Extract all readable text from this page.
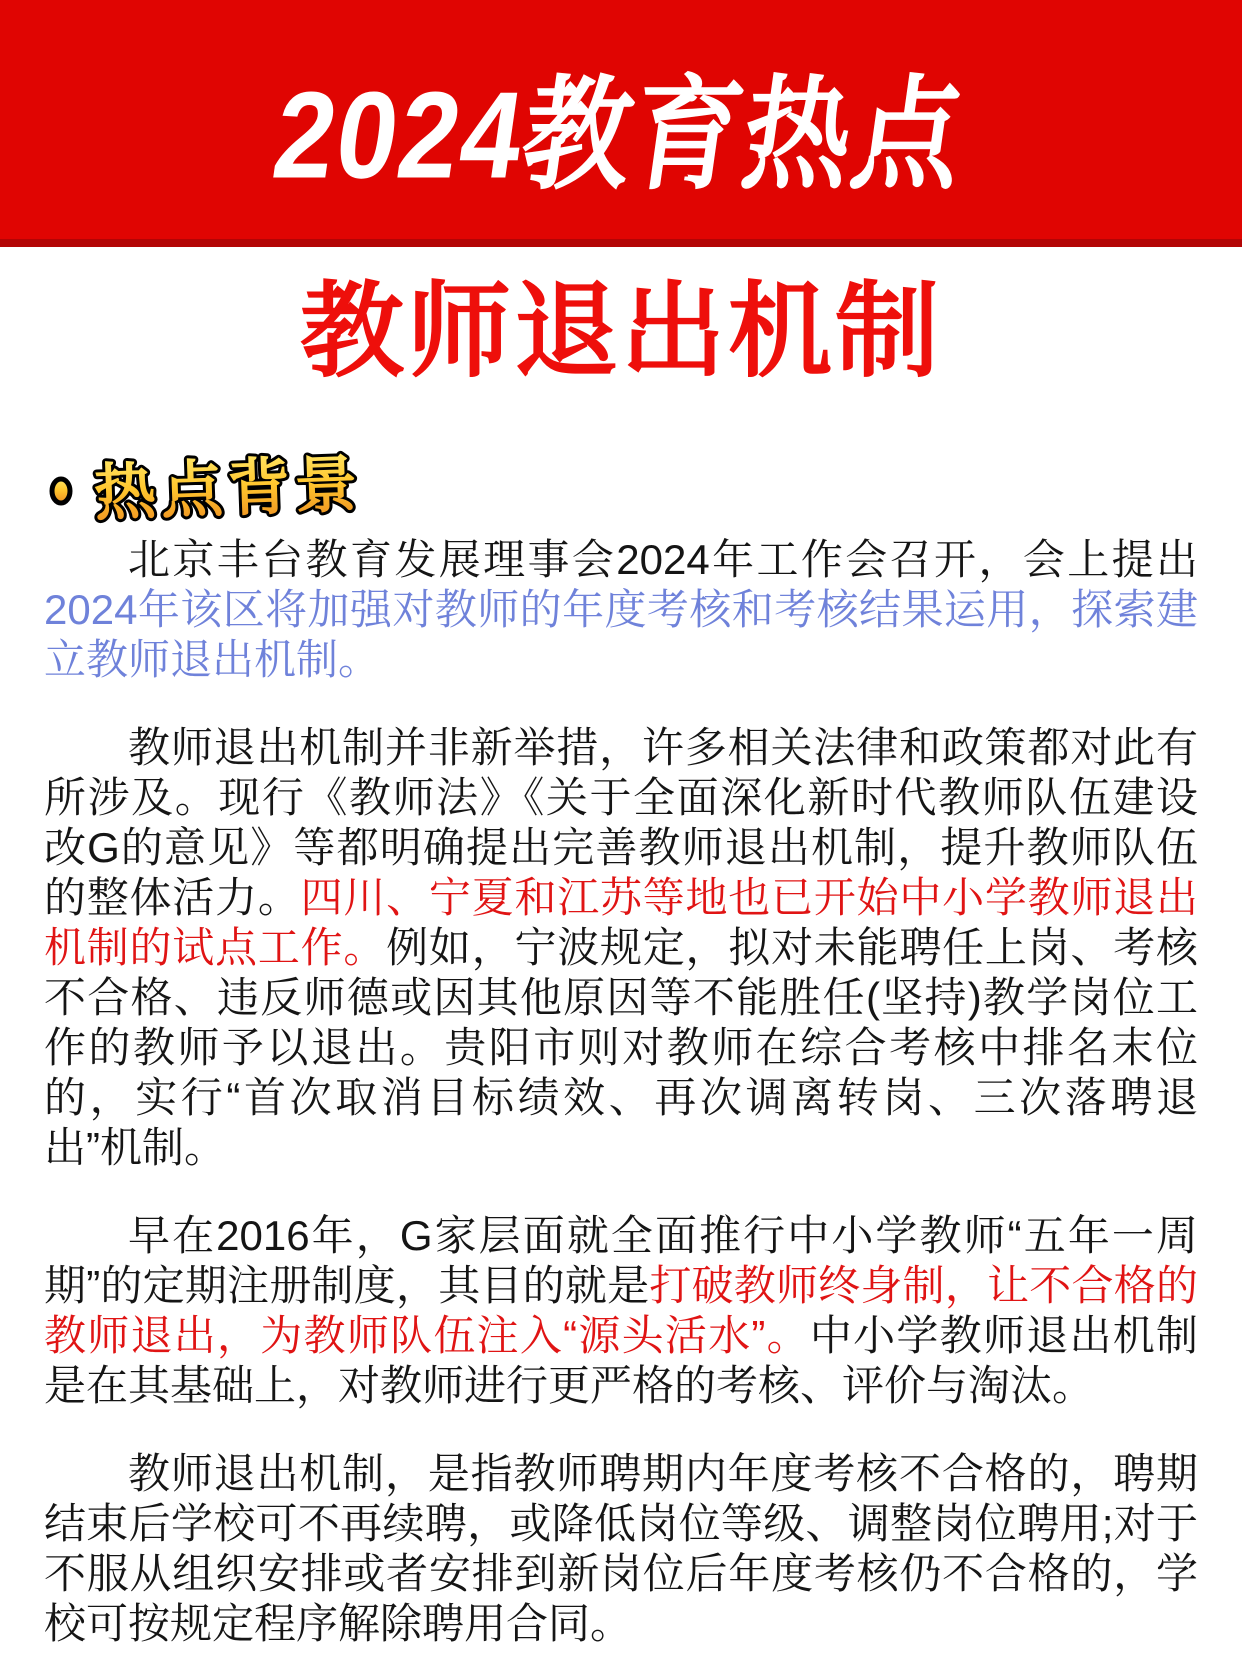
2024教育热点
教师退出机制
热点背景

北京丰台教育发展理事会2024年工作会召开，会上提出2024年该区将加强对教师的年度考核和考核结果运用，探索建立教师退出机制。

教师退出机制并非新举措，许多相关法律和政策都对此有所涉及。现行《教师法》《关于全面深化新时代教师队伍建设改G的意见》等都明确提出完善教师退出机制，提升教师队伍的整体活力。四川、宁夏和江苏等地也已开始中小学教师退出机制的试点工作。例如，宁波规定，拟对未能聘任上岗、考核不合格、违反师德或因其他原因等不能胜任(坚持)教学岗位工作的教师予以退出。贵阳市则对教师在综合考核中排名末位的，实行“首次取消目标绩效、再次调离转岗、三次落聘退出”机制。

早在2016年，G家层面就全面推行中小学教师“五年一周期”的定期注册制度，其目的就是打破教师终身制，让不合格的教师退出，为教师队伍注入“源头活水”。中小学教师退出机制是在其基础上，对教师进行更严格的考核、评价与淘汰。

教师退出机制，是指教师聘期内年度考核不合格的，聘期结束后学校可不再续聘，或降低岗位等级、调整岗位聘用;对于不服从组织安排或者安排到新岗位后年度考核仍不合格的，学校可按规定程序解除聘用合同。
